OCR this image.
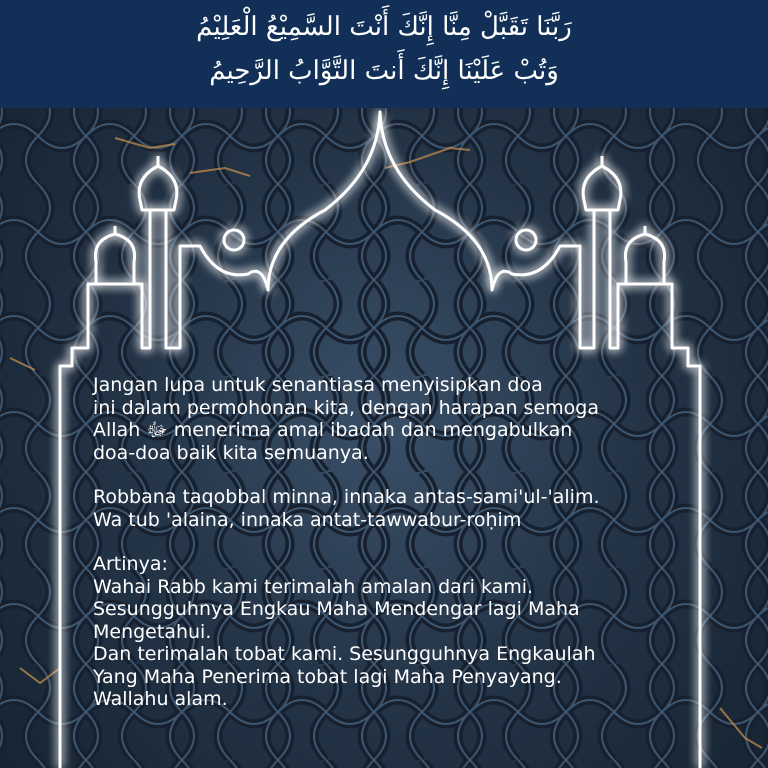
رَبَّنَا تَقَبَّلْ مِنَّا إِنَّكَ أَنْتَ السَّمِيْعُ الْعَلِيْمُ
وَتُبْ عَلَيْنَا إِنَّكَ أَنتَ التَّوَّابُ الرَّحِيمُ

Jangan lupa untuk senantiasa menyisipkan doa
ini dalam permohonan kita, dengan harapan semoga
Allah ﷻ menerima amal ibadah dan mengabulkan
doa-doa baik kita semuanya.

Robbana taqobbal minna, innaka antas-sami'ul-'alim.
Wa tub 'alaina, innaka antat-tawwabur-roḥim

Artinya:

Wahai Rabb kami terimalah amalan dari kami.
Sesungguhnya Engkau Maha Mendengar lagi Maha
Mengetahui.
Dan terimalah tobat kami. Sesungguhnya Engkaulah
Yang Maha Penerima tobat lagi Maha Penyayang.
Wallahu alam.
